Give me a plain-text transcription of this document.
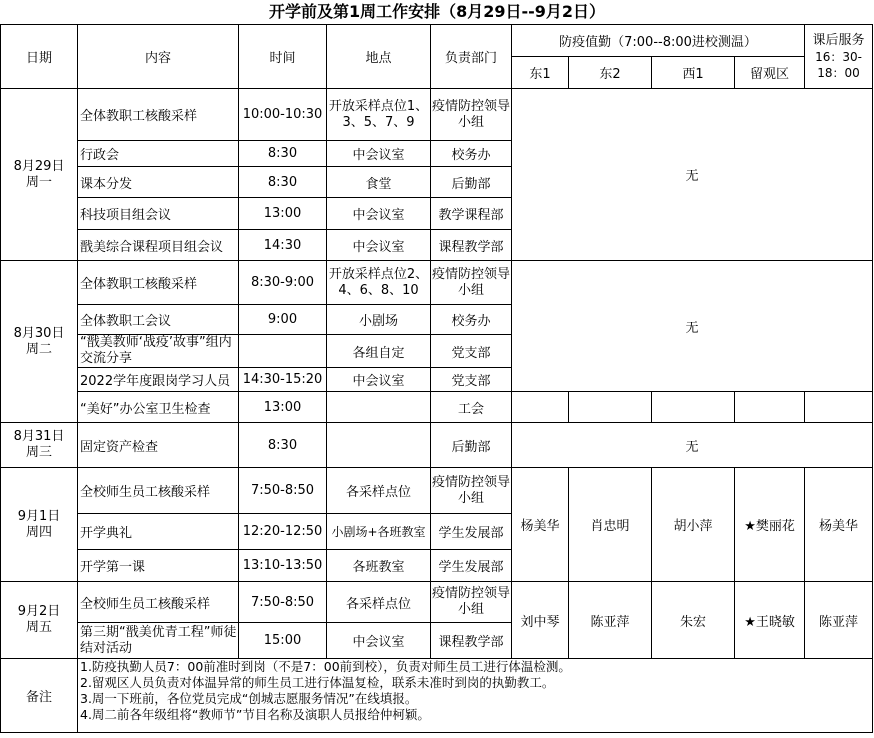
开学前及第1周工作安排（8月29日--9月2日）
日期	内容	时间	地点	负责部门	防疫值勤（7:00--8:00进校测温）				课后服务
16：30-18：00

					东1	东2	西1	留观区	

8月29日
周一	全体教职工核酸采样	10:00-10:30	开放采样点位1、3、5、7、9	疫情防控领导小组	无				
	行政会	8:30	中会议室	校务办					
	课本分发	8:30	食堂	后勤部					
	科技项目组会议	13:00	中会议室	教学课程部					
	戬美综合课程项目组会议	14:30	中会议室	课程教学部					

8月30日
周二	全体教职工核酸采样	8:30-9:00	开放采样点位2、4、6、8、10	疫情防控领导小组	无				
	全体教职工会议	9:00	小剧场	校务办					
	“戬美教师‘战疫’故事”组内交流分享		各组自定	党支部					
	2022学年度跟岗学习人员	14:30-15:20	中会议室	党支部					
	“美好”办公室卫生检查	13:00		工会					

8月31日
周三	固定资产检查	8:30		后勤部	无				

9月1日
周四	全校师生员工核酸采样	7:50-8:50	各采样点位	疫情防控领导小组	杨美华	肖忠明	胡小萍	★樊丽花	杨美华
	开学典礼	12:20-12:50	小剧场+各班教室	学生发展部					
	开学第一课	13:10-13:50	各班教室	学生发展部					

9月2日
周五	全校师生员工核酸采样	7:50-8:50	各采样点位	疫情防控领导小组	刘中琴	陈亚萍	朱宏	★王晓敏	陈亚萍
	第三期“戬美优青工程”师徒结对活动	15:00	中会议室	课程教学部					
备注	1.防疫执勤人员7：00前准时到岗（不是7：00前到校），负责对师生员工进行体温检测。
2.留观区人员负责对体温异常的师生员工进行体温复检，联系未准时到岗的执勤教工。
3.周一下班前，各位党员完成“创城志愿服务情况”在线填报。
4.周二前各年级组将“教师节”节目名称及演职人员报给仲柯颖。								
